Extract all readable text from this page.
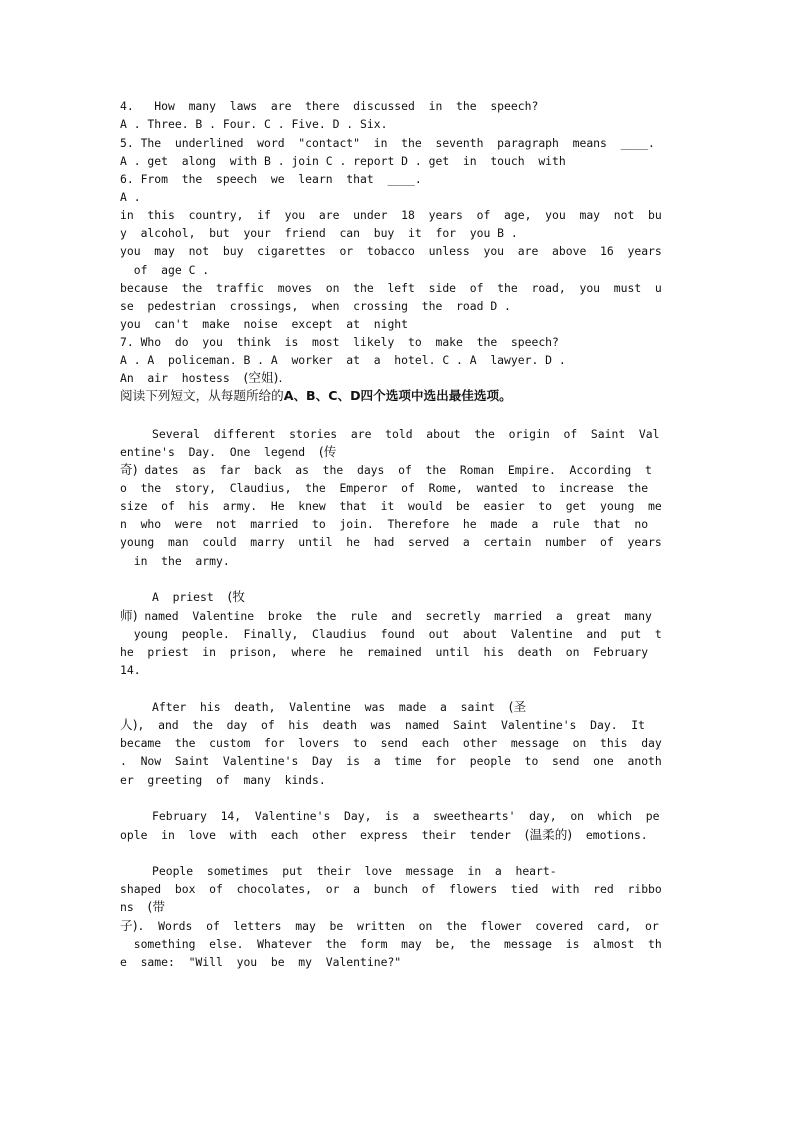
4.   How  many  laws  are  there  discussed  in  the  speech?
A . Three. B . Four. C . Five. D . Six.
5. The  underlined  word  "contact"  in  the  seventh  paragraph  means  ____.
A . get  along  with B . join C . report D . get  in  touch  with
6. From  the  speech  we  learn  that  ____.
A .
in  this  country,  if  you  are  under  18  years  of  age,  you  may  not  bu
y  alcohol,  but  your  friend  can  buy  it  for  you B .
you  may  not  buy  cigarettes  or  tobacco  unless  you  are  above  16  years
of  age C .
because  the  traffic  moves  on  the  left  side  of  the  road,  you  must  u
se  pedestrian  crossings,  when  crossing  the  road D .
you  can't  make  noise  except  at  night
7. Who  do  you  think  is  most  likely  to  make  the  speech?
A . A  policeman. B . A  worker  at  a  hotel. C . A  lawyer. D .
An  air  hostess  (空姐).
阅读下列短文，从每题所给的A、B、C、D四个选项中选出最佳选项。
Several  different  stories  are  told  about  the  origin  of  Saint  Val
entine's  Day.  One  legend  (传
奇) dates  as  far  back  as  the  days  of  the  Roman  Empire.  According  t
o  the  story,  Claudius,  the  Emperor  of  Rome,  wanted  to  increase  the
size  of  his  army.  He  knew  that  it  would  be  easier  to  get  young  me
n  who  were  not  married  to  join.  Therefore  he  made  a  rule  that  no
young  man  could  marry  until  he  had  served  a  certain  number  of  years
in  the  army.
A  priest  (牧
师) named  Valentine  broke  the  rule  and  secretly  married  a  great  many
young  people.  Finally,  Claudius  found  out  about  Valentine  and  put  t
he  priest  in  prison,  where  he  remained  until  his  death  on  February
14.
After  his  death,  Valentine  was  made  a  saint  (圣
人),  and  the  day  of  his  death  was  named  Saint  Valentine's  Day.  It
became  the  custom  for  lovers  to  send  each  other  message  on  this  day
.  Now  Saint  Valentine's  Day  is  a  time  for  people  to  send  one  anoth
er  greeting  of  many  kinds.
February  14,  Valentine's  Day,  is  a  sweethearts'  day,  on  which  pe
ople  in  love  with  each  other  express  their  tender  (温柔的)  emotions.
People  sometimes  put  their  love  message  in  a  heart-
shaped  box  of  chocolates,  or  a  bunch  of  flowers  tied  with  red  ribbo
ns  (带
子).  Words  of  letters  may  be  written  on  the  flower  covered  card,  or
something  else.  Whatever  the  form  may  be,  the  message  is  almost  th
e  same:  "Will  you  be  my  Valentine?"
